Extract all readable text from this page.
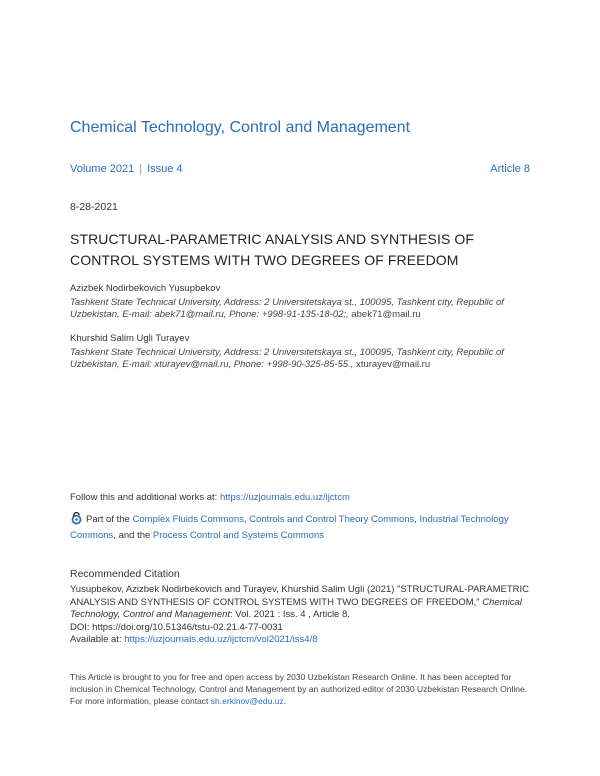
Chemical Technology, Control and Management
Volume 2021 | Issue 4	Article 8
8-28-2021
STRUCTURAL-PARAMETRIC ANALYSIS AND SYNTHESIS OF
CONTROL SYSTEMS WITH TWO DEGREES OF FREEDOM
Azizbek Nodirbekovich Yusupbekov
Tashkent State Technical University, Address: 2 Universitetskaya st., 100095, Tashkent city, Republic of Uzbekistan, E-mail: abek71@mail.ru, Phone: +998-91-135-18-02;, abek71@mail.ru
Khurshid Salim Ugli Turayev
Tashkent State Technical University, Address: 2 Universitetskaya st., 100095, Tashkent city, Republic of Uzbekistan, E-mail: xturayev@mail.ru, Phone: +998-90-325-85-55., xturayev@mail.ru
Follow this and additional works at: https://uzjournals.edu.uz/ijctcm
Part of the Complex Fluids Commons, Controls and Control Theory Commons, Industrial Technology Commons, and the Process Control and Systems Commons
Recommended Citation
Yusupbekov, Azizbek Nodirbekovich and Turayev, Khurshid Salim Ugli (2021) "STRUCTURAL-PARAMETRIC ANALYSIS AND SYNTHESIS OF CONTROL SYSTEMS WITH TWO DEGREES OF FREEDOM," Chemical Technology, Control and Management: Vol. 2021 : Iss. 4 , Article 8.
DOI: https://doi.org/10.51346/tstu-02.21.4-77-0031
Available at: https://uzjournals.edu.uz/ijctcm/vol2021/iss4/8
This Article is brought to you for free and open access by 2030 Uzbekistan Research Online. It has been accepted for inclusion in Chemical Technology, Control and Management by an authorized editor of 2030 Uzbekistan Research Online. For more information, please contact sh.erkinov@edu.uz.
